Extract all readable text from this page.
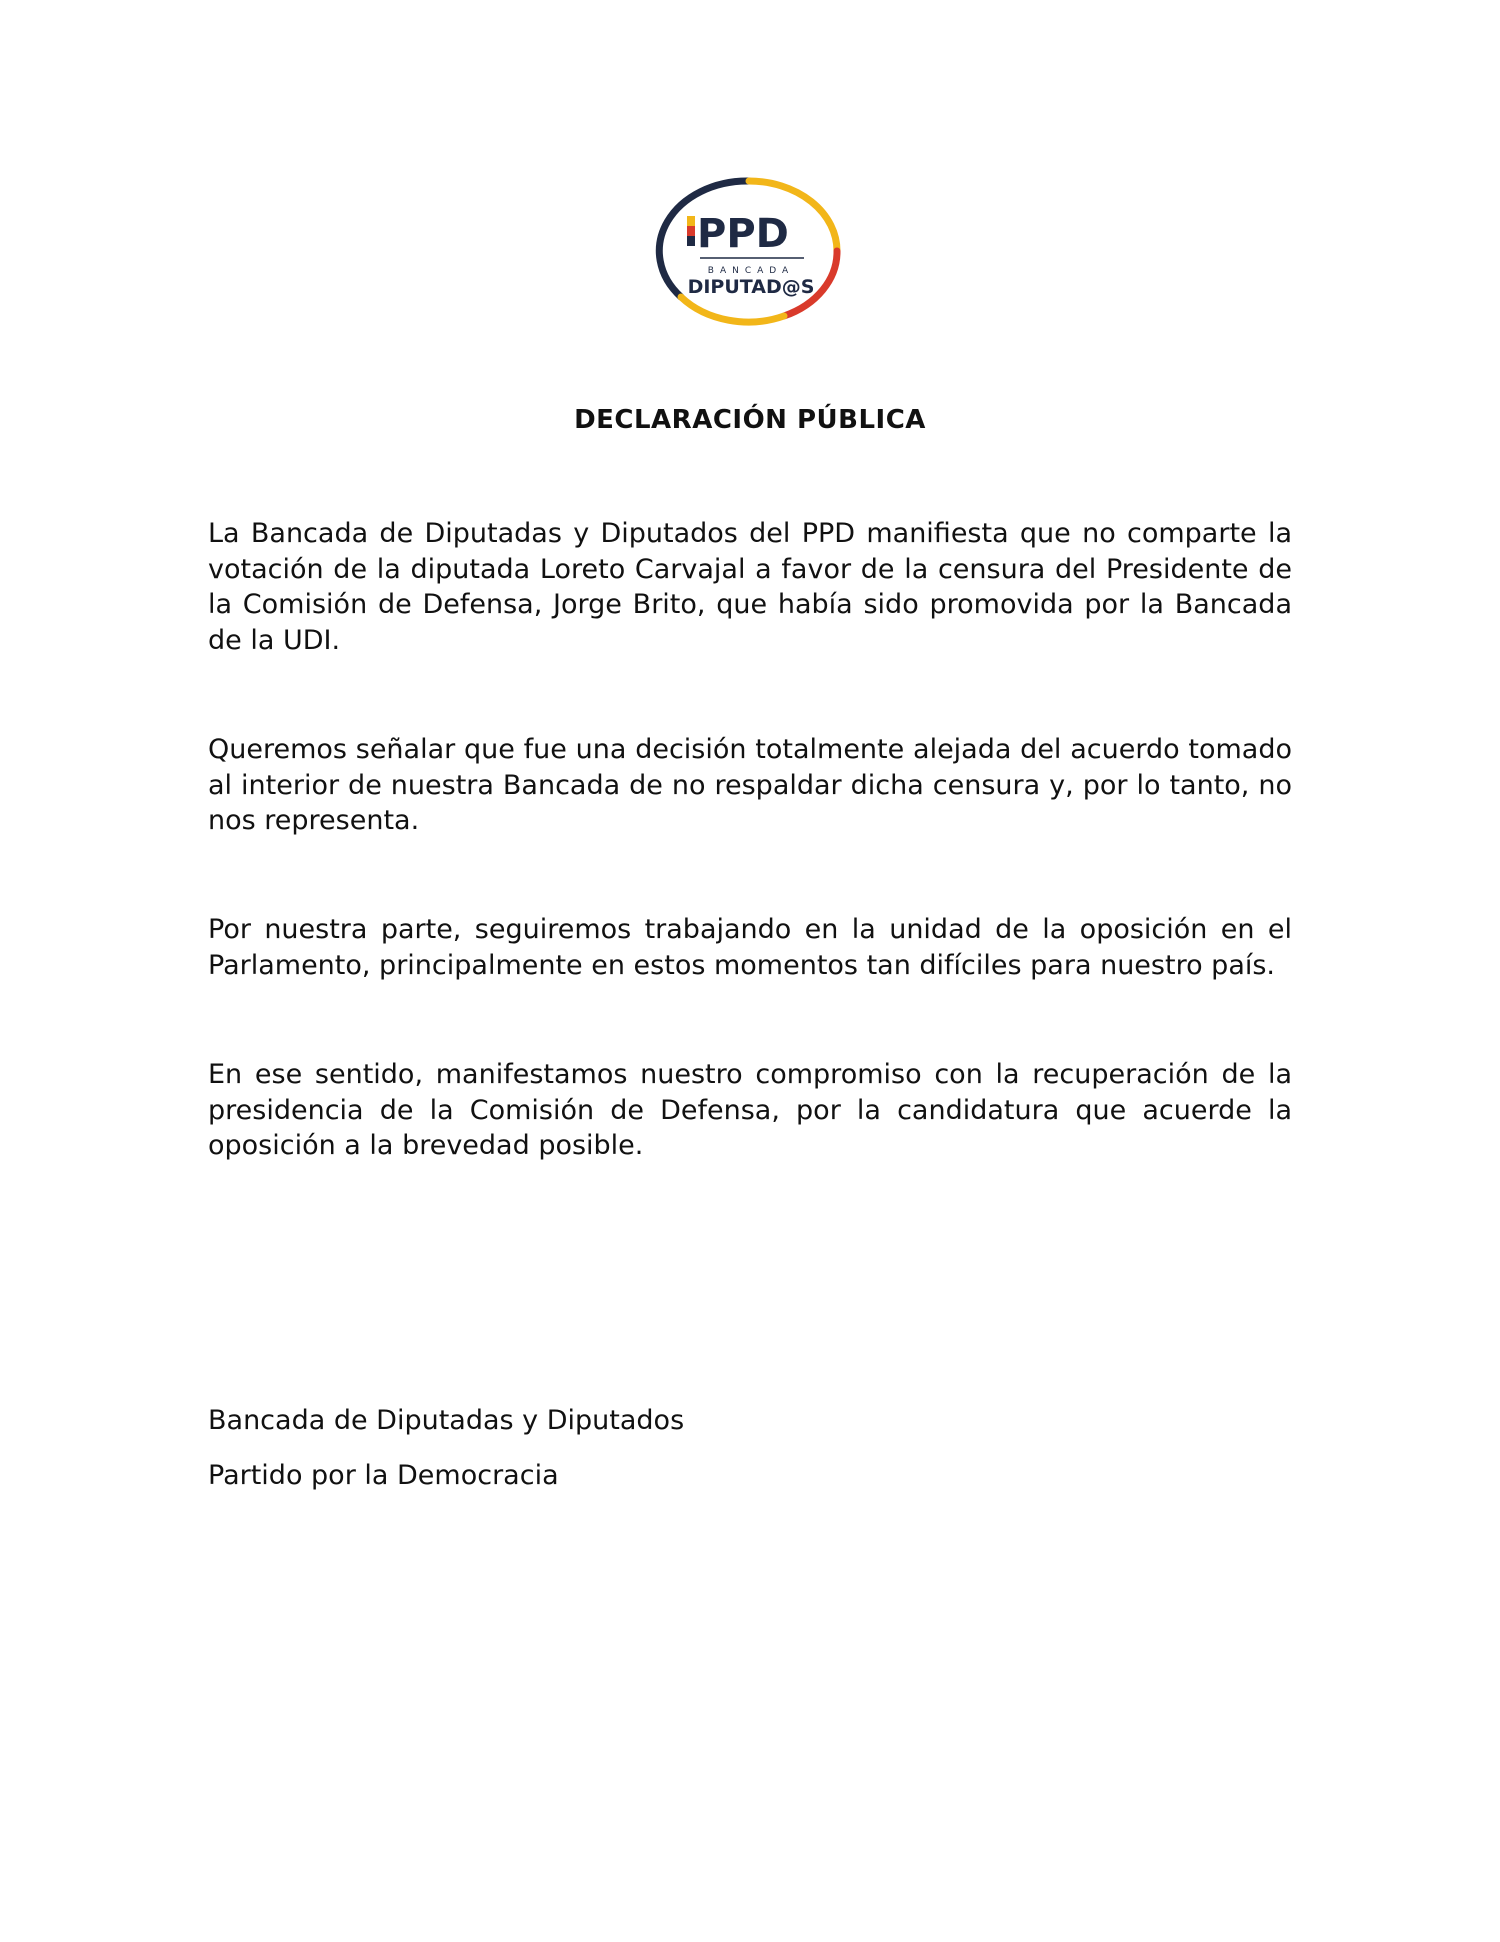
PPD
BANCADA
DIPUTAD@S
DECLARACIÓN PÚBLICA

La Bancada de Diputadas y Diputados del PPD manifiesta que no comparte la votación de la diputada Loreto Carvajal a favor de la censura del Presidente de la Comisión de Defensa, Jorge Brito, que había sido promovida por la Bancada de la UDI.

Queremos señalar que fue una decisión totalmente alejada del acuerdo tomado al interior de nuestra Bancada de no respaldar dicha censura y, por lo tanto, no nos representa.

Por nuestra parte, seguiremos trabajando en la unidad de la oposición en el Parlamento, principalmente en estos momentos tan difíciles para nuestro país.

En ese sentido, manifestamos nuestro compromiso con la recuperación de la presidencia de la Comisión de Defensa, por la candidatura que acuerde la oposición a la brevedad posible.

Bancada de Diputadas y Diputados

Partido por la Democracia
